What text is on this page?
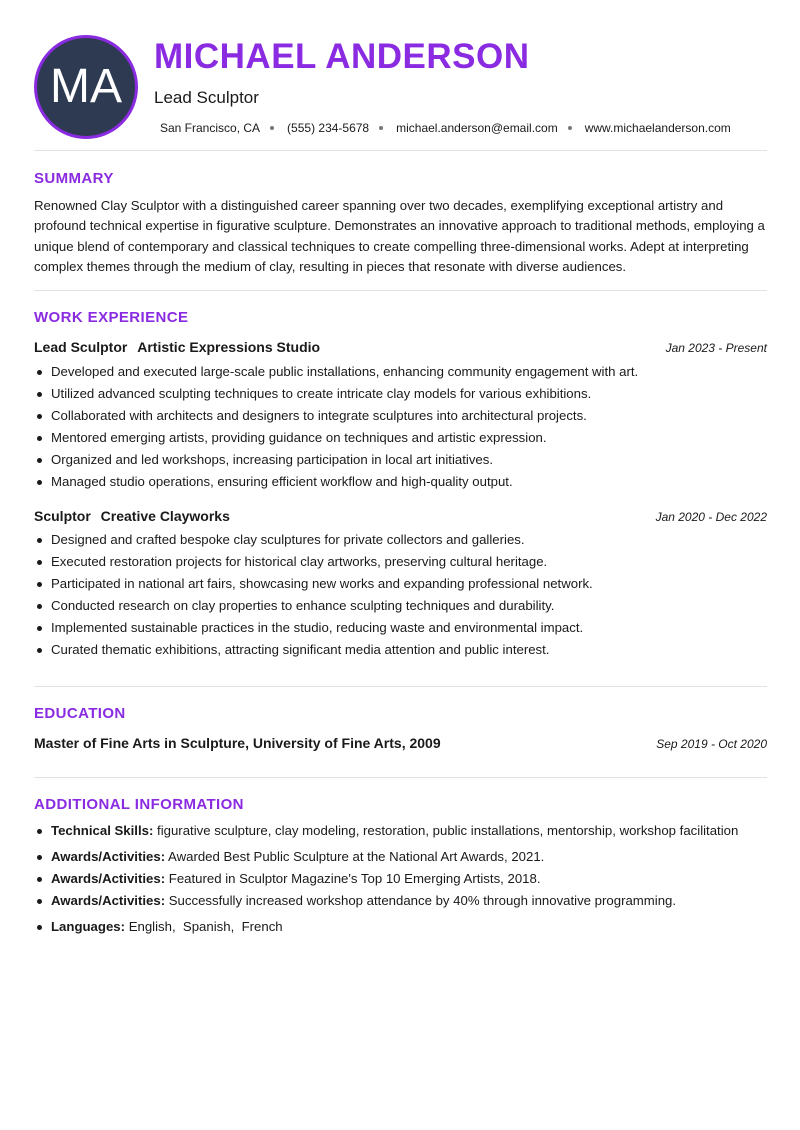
MA
MICHAEL ANDERSON
Lead Sculptor
San Francisco, CA (555) 234-5678 michael.anderson@email.com www.michaelanderson.com
SUMMARY

Renowned Clay Sculptor with a distinguished career spanning over two decades, exemplifying exceptional artistry and profound technical expertise in figurative sculpture. Demonstrates an innovative approach to traditional methods, employing a unique blend of contemporary and classical techniques to create compelling three-dimensional works. Adept at interpreting complex themes through the medium of clay, resulting in pieces that resonate with diverse audiences.

WORK EXPERIENCE
Lead Sculptor Artistic Expressions Studio	Jan 2023 - Present
Developed and executed large-scale public installations, enhancing community engagement with art.
Utilized advanced sculpting techniques to create intricate clay models for various exhibitions.
Collaborated with architects and designers to integrate sculptures into architectural projects.
Mentored emerging artists, providing guidance on techniques and artistic expression.
Organized and led workshops, increasing participation in local art initiatives.
Managed studio operations, ensuring efficient workflow and high-quality output.
Sculptor Creative Clayworks	Jan 2020 - Dec 2022
Designed and crafted bespoke clay sculptures for private collectors and galleries.
Executed restoration projects for historical clay artworks, preserving cultural heritage.
Participated in national art fairs, showcasing new works and expanding professional network.
Conducted research on clay properties to enhance sculpting techniques and durability.
Implemented sustainable practices in the studio, reducing waste and environmental impact.
Curated thematic exhibitions, attracting significant media attention and public interest.
EDUCATION
Master of Fine Arts in Sculpture, University of Fine Arts, 2009	Sep 2019 - Oct 2020
ADDITIONAL INFORMATION
Technical Skills: figurative sculpture, clay modeling, restoration, public installations, mentorship, workshop facilitation
Awards/Activities: Awarded Best Public Sculpture at the National Art Awards, 2021.
Awards/Activities: Featured in Sculptor Magazine's Top 10 Emerging Artists, 2018.
Awards/Activities: Successfully increased workshop attendance by 40% through innovative programming.
Languages: English,  Spanish,  French
